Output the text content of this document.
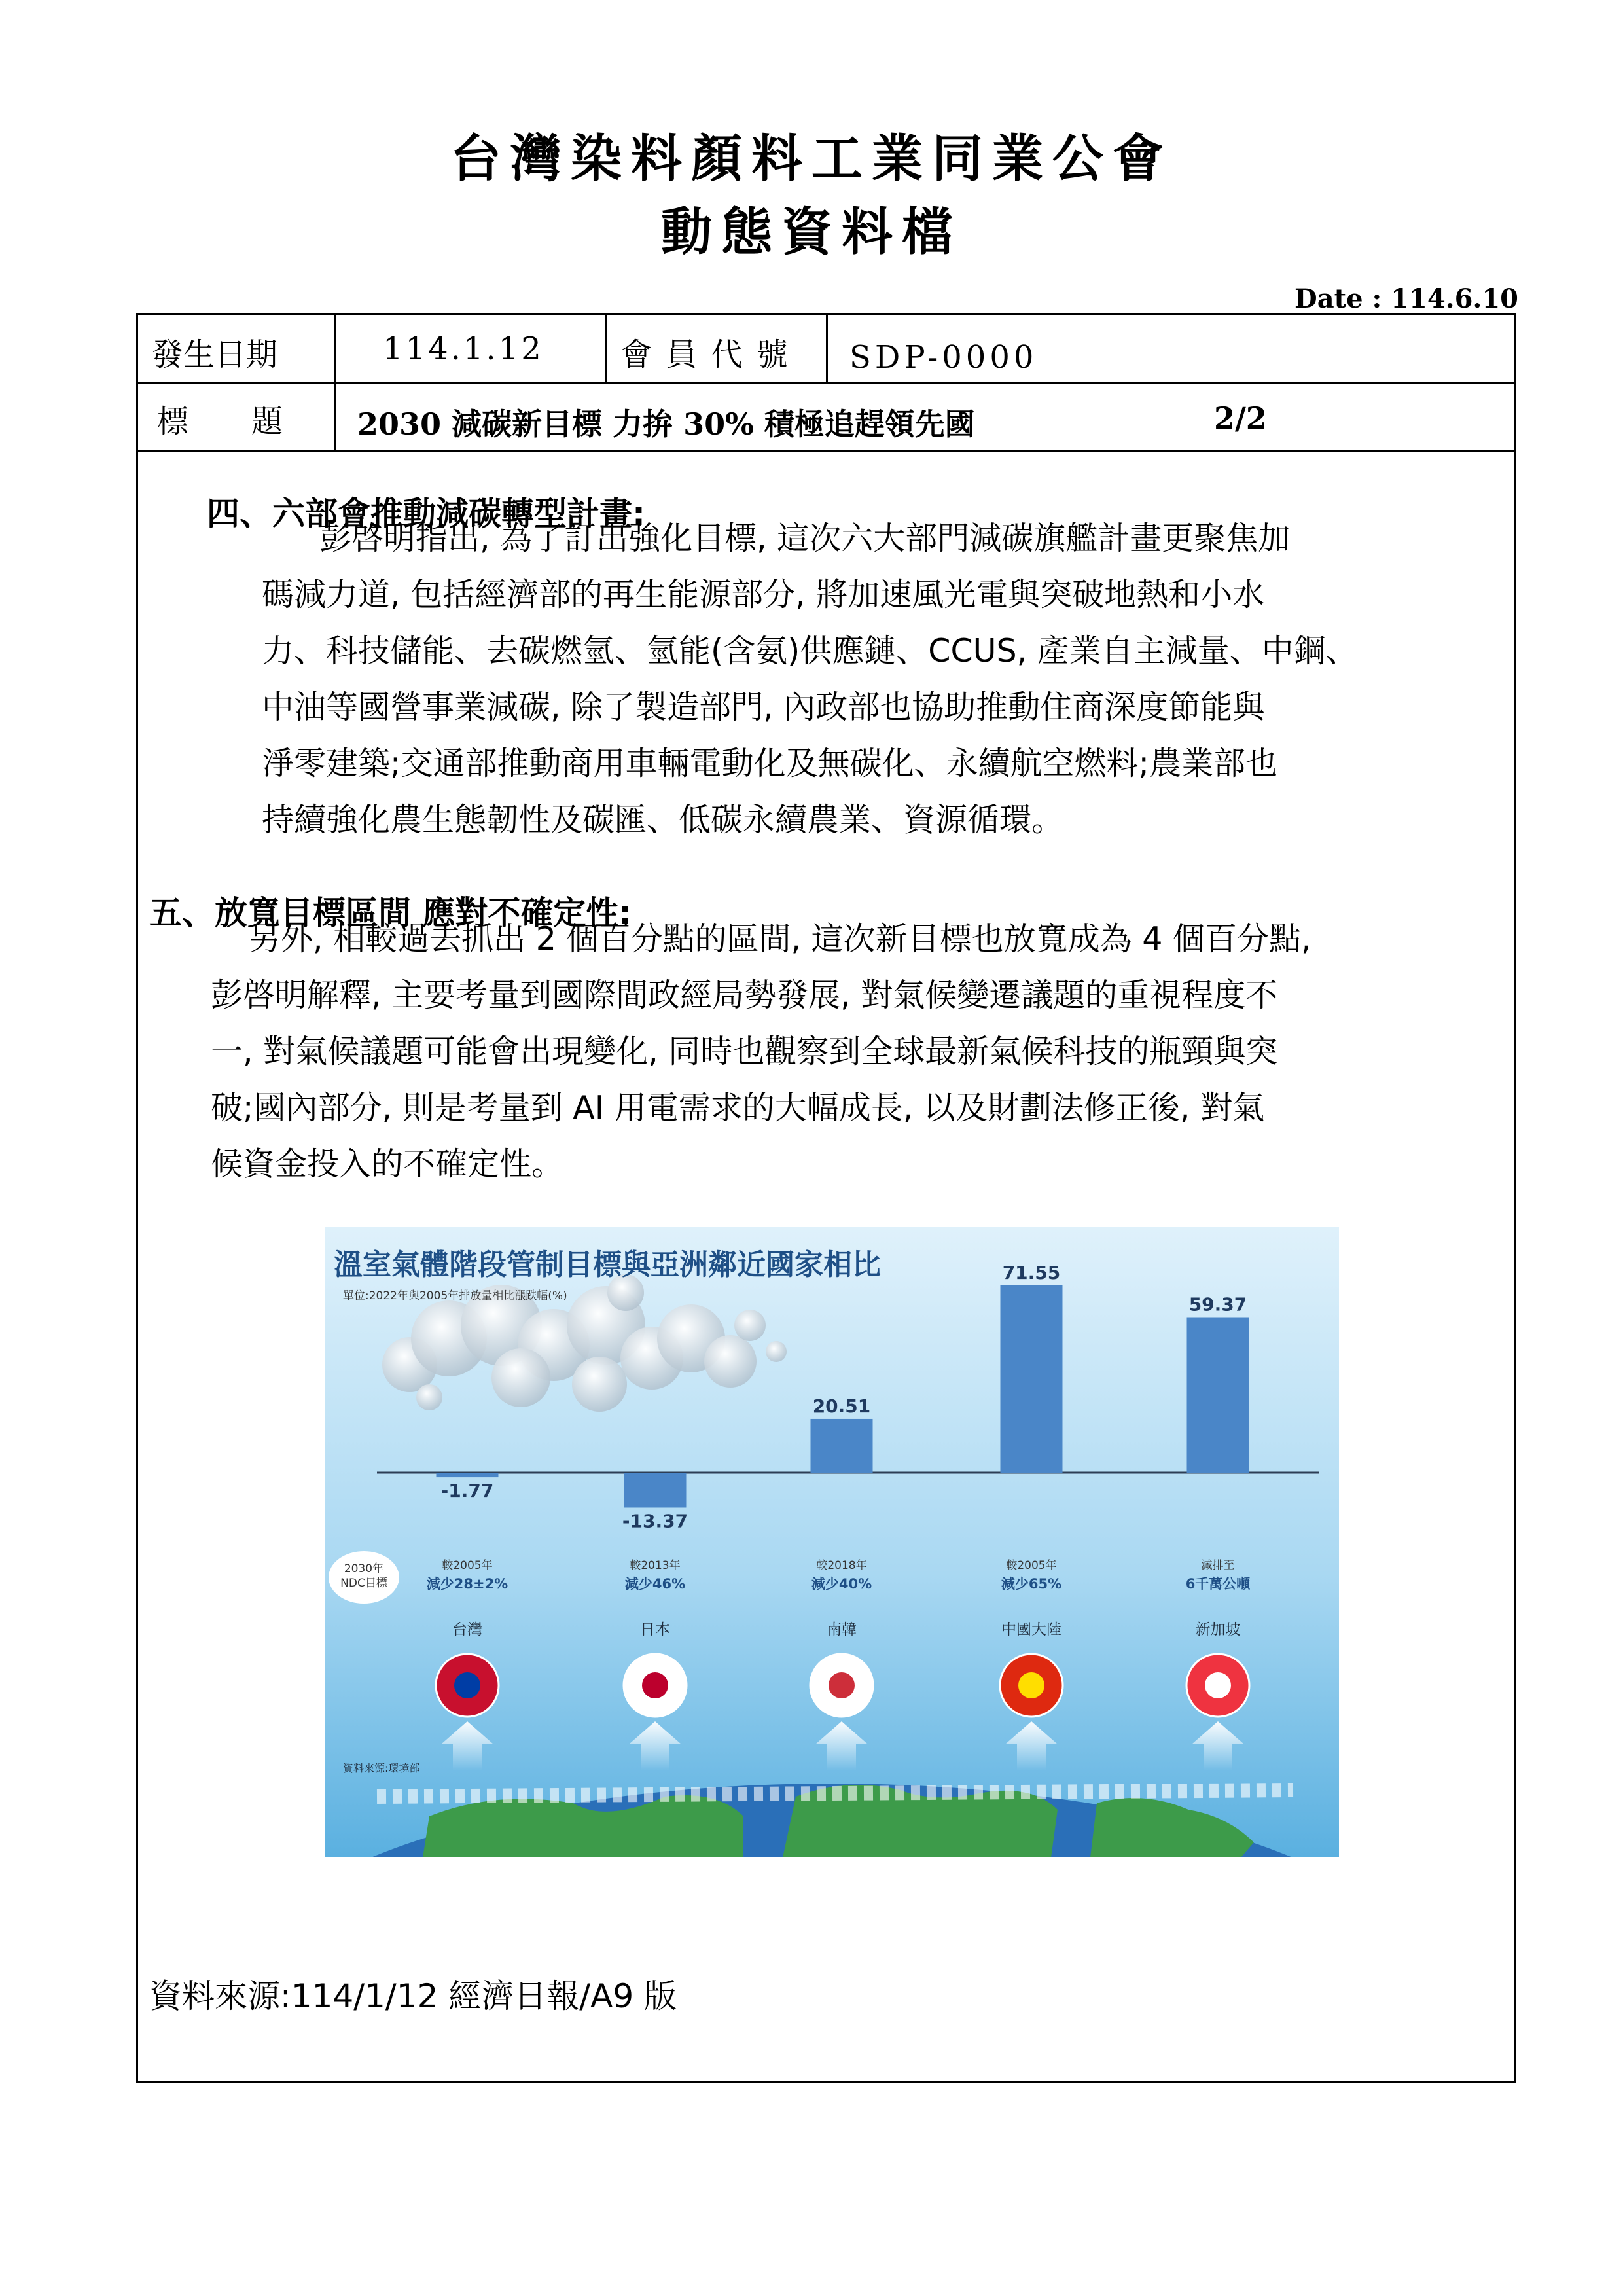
台灣染料顏料工業同業公會
動態資料檔
Date : 114.6.10
發生日期	114.1.12 會 員 代 號 SDP-0000
標　　題 2030 減碳新目標 力拚 30% 積極追趕領先國	2/2
四、六部會推動減碳轉型計畫:
彭啓明指出, 為了訂出強化目標, 這次六大部門減碳旗艦計畫更聚焦加
碼減力道, 包括經濟部的再生能源部分, 將加速風光電與突破地熱和小水
力、科技儲能、去碳燃氫、氫能(含氨)供應鏈、CCUS, 產業自主減量、中鋼、
中油等國營事業減碳, 除了製造部門, 內政部也協助推動住商深度節能與
淨零建築;交通部推動商用車輛電動化及無碳化、永續航空燃料;農業部也
持續強化農生態韌性及碳匯、低碳永續農業、資源循環。
五、放寬目標區間 應對不確定性:
另外, 相較過去抓出 2 個百分點的區間, 這次新目標也放寬成為 4 個百分點,
彭啓明解釋, 主要考量到國際間政經局勢發展, 對氣候變遷議題的重視程度不
一, 對氣候議題可能會出現變化, 同時也觀察到全球最新氣候科技的瓶頸與突
破;國內部分, 則是考量到 AI 用電需求的大幅成長, 以及財劃法修正後, 對氣
候資金投入的不確定性。
溫室氣體階段管制目標與亞洲鄰近國家相比
單位:2022年與2005年排放量相比漲跌幅(%)
-1.77
-13.37
20.51
71.55
59.37
較2005年
減少28±2%
台灣
較2013年
減少46%
日本
較2018年
減少40%
南韓
較2005年
減少65%
中國大陸
減排至
6千萬公噸
新加坡
2030年 NDC目標
資料來源:環境部
資料來源:114/1/12 經濟日報/A9 版
